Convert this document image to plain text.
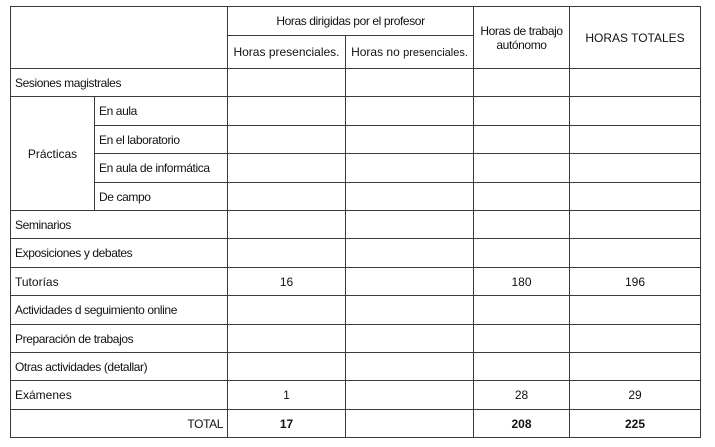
		Horas dirigidas por el profesor		Horas de trabajo autónomo	HORAS TOTALES
		Horas presenciales.	Horas no presenciales.		
Sesiones magistrales					
Prácticas	En aula				
	En el laboratorio				
	En aula de informática				
	De campo				
Seminarios					
Exposiciones y debates					
Tutorías		16		180	196
Actividades d seguimiento online					
Preparación de trabajos					
Otras actividades (detallar)					
Exámenes		1		28	29
TOTAL		17		208	225
